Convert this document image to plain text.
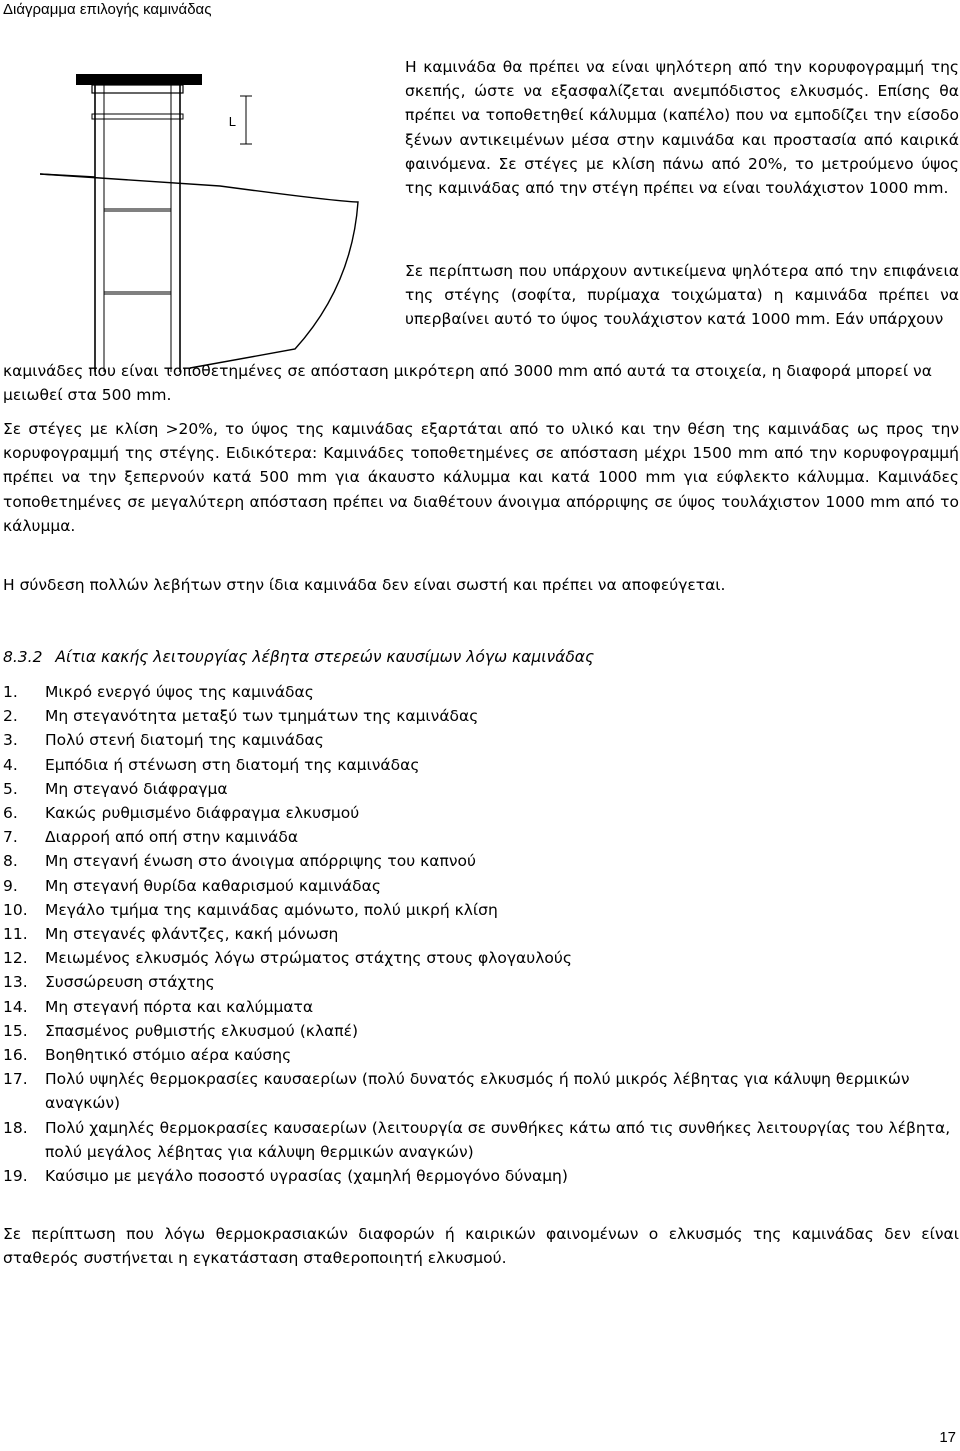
Διάγραμμα επιλογής καμινάδας
L

Η καμινάδα θα πρέπει να είναι ψηλότερη από την κορυφογραμμή της σκεπής, ώστε να εξασφαλίζεται ανεμπόδιστος ελκυσμός. Επίσης θα πρέπει να τοποθετηθεί κάλυμμα (καπέλο) που να εμποδίζει την είσοδο ξένων αντικειμένων μέσα στην καμινάδα και προστασία από καιρικά φαινόμενα. Σε στέγες με κλίση πάνω από 20%, το μετρούμενο ύψος της καμινάδας από την στέγη πρέπει να είναι τουλάχιστον 1000 mm.

Σε περίπτωση που υπάρχουν αντικείμενα ψηλότερα από την επιφάνεια της στέγης (σοφίτα, πυρίμαχα τοιχώματα) η καμινάδα πρέπει να υπερβαίνει αυτό το ύψος τουλάχιστον κατά 1000 mm. Εάν υπάρχουν
καμινάδες που είναι τοποθετημένες σε απόσταση μικρότερη από 3000 mm από αυτά τα στοιχεία, η διαφορά μπορεί να μειωθεί στα 500 mm.
Σε στέγες με κλίση >20%, το ύψος της καμινάδας εξαρτάται από το υλικό και την θέση της καμινάδας ως προς την κορυφογραμμή της στέγης. Ειδικότερα: Καμινάδες τοποθετημένες σε απόσταση μέχρι 1500 mm από την κορυφογραμμή πρέπει να την ξεπερνούν κατά 500 mm για άκαυστο κάλυμμα και κατά 1000 mm για εύφλεκτο κάλυμμα. Καμινάδες τοποθετημένες σε μεγαλύτερη απόσταση πρέπει να διαθέτουν άνοιγμα απόρριψης σε ύψος τουλάχιστον 1000 mm από το κάλυμμα.
Η σύνδεση πολλών λεβήτων στην ίδια καμινάδα δεν είναι σωστή και πρέπει να αποφεύγεται.
8.3.2 Αίτια κακής λειτουργίας λέβητα στερεών καυσίμων λόγω καμινάδας
1. Μικρό ενεργό ύψος της καμινάδας
2. Μη στεγανότητα μεταξύ των τμημάτων της καμινάδας
3. Πολύ στενή διατομή της καμινάδας
4. Εμπόδια ή στένωση στη διατομή της καμινάδας
5. Μη στεγανό διάφραγμα
6. Κακώς ρυθμισμένο διάφραγμα ελκυσμού
7. Διαρροή από οπή στην καμινάδα
8. Μη στεγανή ένωση στο άνοιγμα απόρριψης του καπνού
9. Μη στεγανή θυρίδα καθαρισμού καμινάδας
10. Μεγάλο τμήμα της καμινάδας αμόνωτο, πολύ μικρή κλίση
11. Μη στεγανές φλάντζες, κακή μόνωση
12. Μειωμένος ελκυσμός λόγω στρώματος στάχτης στους φλογαυλούς
13. Συσσώρευση στάχτης
14. Μη στεγανή πόρτα και καλύμματα
15. Σπασμένος ρυθμιστής ελκυσμού (κλαπέ)
16. Βοηθητικό στόμιο αέρα καύσης
17. Πολύ υψηλές θερμοκρασίες καυσαερίων (πολύ δυνατός ελκυσμός ή πολύ μικρός λέβητας για κάλυψη θερμικών αναγκών)
18. Πολύ χαμηλές θερμοκρασίες καυσαερίων (λειτουργία σε συνθήκες κάτω από τις συνθήκες λειτουργίας του λέβητα, πολύ μεγάλος λέβητας για κάλυψη θερμικών αναγκών)
19. Καύσιμο με μεγάλο ποσοστό υγρασίας (χαμηλή θερμογόνο δύναμη)
Σε περίπτωση που λόγω θερμοκρασιακών διαφορών ή καιρικών φαινομένων ο ελκυσμός της καμινάδας δεν είναι σταθερός συστήνεται η εγκατάσταση σταθεροποιητή ελκυσμού.
17
